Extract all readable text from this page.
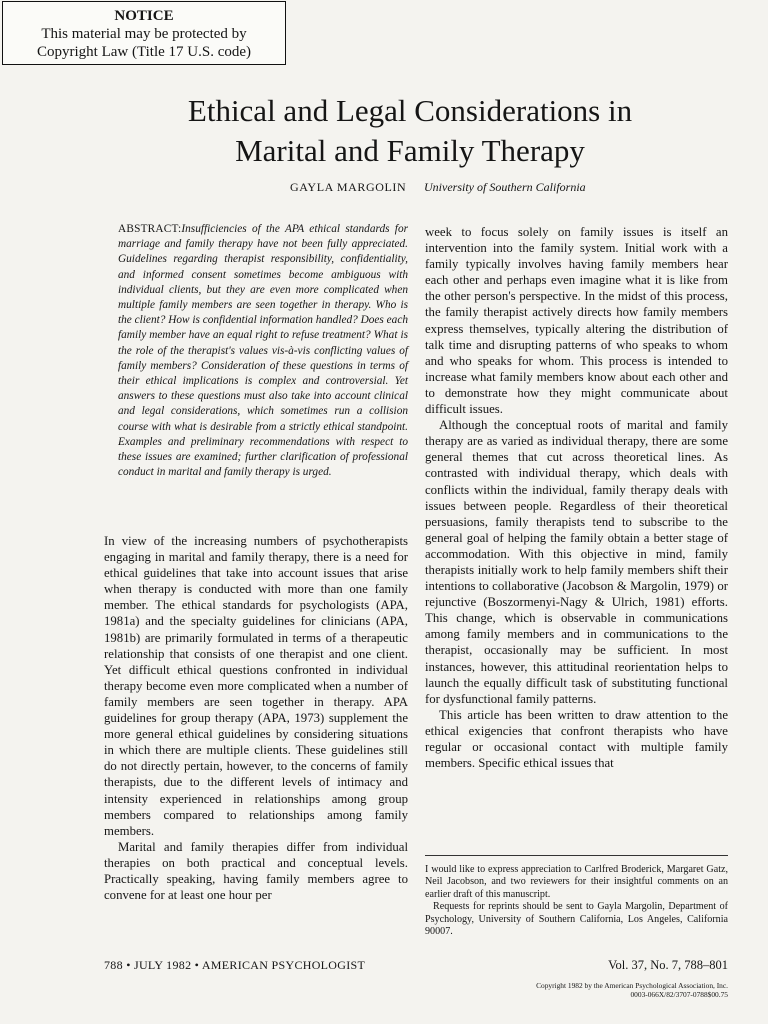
NOTICE
This material may be protected by
Copyright Law (Title 17 U.S. code)
Ethical and Legal Considerations in
Marital and Family Therapy
GAYLA MARGOLIN University of Southern California

ABSTRACT:Insufficiencies of the APA ethical standards for marriage and family therapy have not been fully appreciated. Guidelines regarding therapist responsibility, confidentiality, and informed consent sometimes become ambiguous with individual clients, but they are even more complicated when multiple family members are seen together in therapy. Who is the client? How is confidential information handled? Does each family member have an equal right to refuse treatment? What is the role of the therapist's values vis-à-vis conflicting values of family members? Consideration of these questions in terms of their ethical implications is complex and controversial. Yet answers to these questions must also take into account clinical and legal considerations, which sometimes run a collision course with what is desirable from a strictly ethical standpoint. Examples and preliminary recommendations with respect to these issues are examined; further clarification of professional conduct in marital and family therapy is urged.

In view of the increasing numbers of psychotherapists engaging in marital and family therapy, there is a need for ethical guidelines that take into account issues that arise when therapy is conducted with more than one family member. The ethical standards for psychologists (APA, 1981a) and the specialty guidelines for clinicians (APA, 1981b) are primarily formulated in terms of a therapeutic relationship that consists of one therapist and one client. Yet difficult ethical questions confronted in individual therapy become even more complicated when a number of family members are seen together in therapy. APA guidelines for group therapy (APA, 1973) supplement the more general ethical guidelines by considering situations in which there are multiple clients. These guidelines still do not directly pertain, however, to the concerns of family therapists, due to the different levels of intimacy and intensity experienced in relationships among group members compared to relationships among family members.

Marital and family therapies differ from individual therapies on both practical and conceptual levels. Practically speaking, having family members agree to convene for at least one hour per

week to focus solely on family issues is itself an intervention into the family system. Initial work with a family typically involves having family members hear each other and perhaps even imagine what it is like from the other person's perspective. In the midst of this process, the family therapist actively directs how family members express themselves, typically altering the distribution of talk time and disrupting patterns of who speaks to whom and who speaks for whom. This process is intended to increase what family members know about each other and to demonstrate how they might communicate about difficult issues.

Although the conceptual roots of marital and family therapy are as varied as individual therapy, there are some general themes that cut across theoretical lines. As contrasted with individual therapy, which deals with conflicts within the individual, family therapy deals with issues between people. Regardless of their theoretical persuasions, family therapists tend to subscribe to the general goal of helping the family obtain a better stage of accommodation. With this objective in mind, family therapists initially work to help family members shift their intentions to collaborative (Jacobson & Margolin, 1979) or rejunctive (Boszormenyi-Nagy & Ulrich, 1981) efforts. This change, which is observable in communications among family members and in communications to the therapist, occasionally may be sufficient. In most instances, however, this attitudinal reorientation helps to launch the equally difficult task of substituting functional for dysfunctional family patterns.

This article has been written to draw attention to the ethical exigencies that confront therapists who have regular or occasional contact with multiple family members. Specific ethical issues that

I would like to express appreciation to Carlfred Broderick, Margaret Gatz, Neil Jacobson, and two reviewers for their insightful comments on an earlier draft of this manuscript.

Requests for reprints should be sent to Gayla Margolin, Department of Psychology, University of Southern California, Los Angeles, California 90007.

788 • JULY 1982 • AMERICAN PSYCHOLOGIST	Vol. 37, No. 7, 788–801
Copyright 1982 by the American Psychological Association, Inc.
0003-066X/82/3707-0788$00.75
